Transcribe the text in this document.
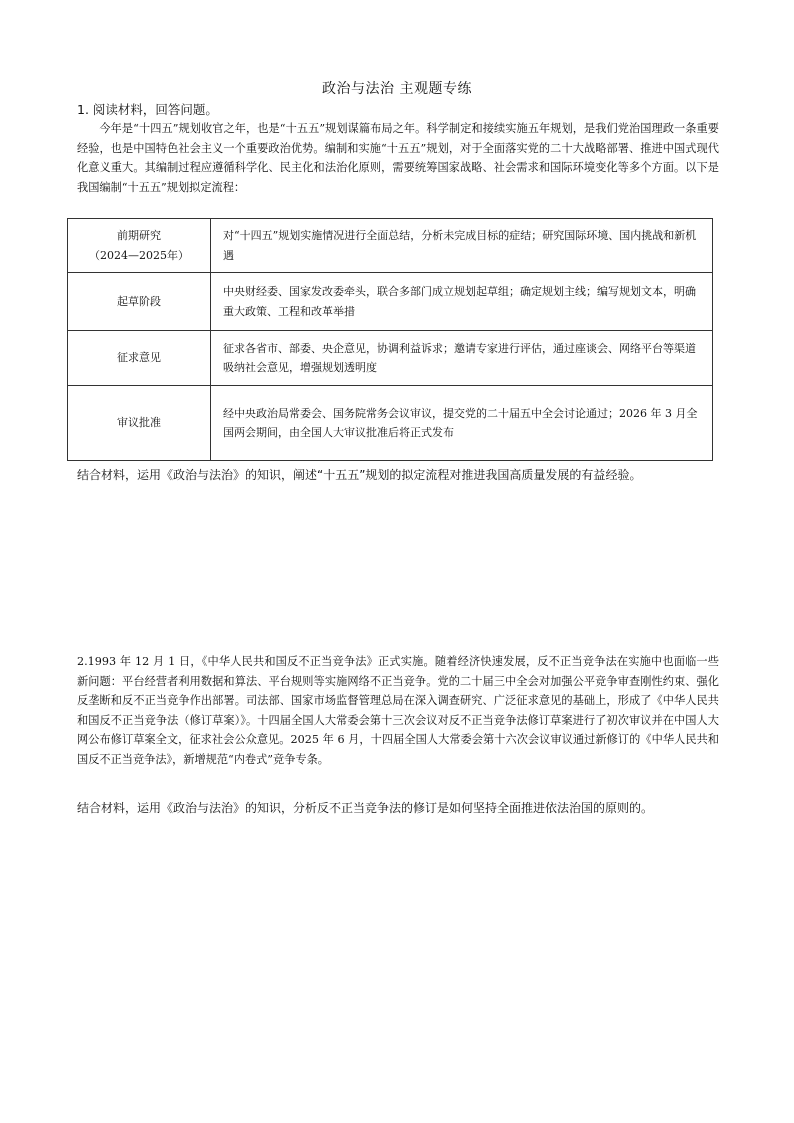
政治与法治 主观题专练
1. 阅读材料，回答问题。
今年是“十四五”规划收官之年，也是“十五五”规划谋篇布局之年。科学制定和接续实施五年规划，是我们党治国理政一条重要经验，也是中国特色社会主义一个重要政治优势。编制和实施“十五五”规划，对于全面落实党的二十大战略部署、推进中国式现代化意义重大。其编制过程应遵循科学化、民主化和法治化原则，需要统筹国家战略、社会需求和国际环境变化等多个方面。以下是我国编制“十五五”规划拟定流程：
前期研究
（2024—2025年）	对“十四五”规划实施情况进行全面总结，分析未完成目标的症结；研究国际环境、国内挑战和新机遇

起草阶段	中央财经委、国家发改委牵头，联合多部门成立规划起草组；确定规划主线；编写规划文本，明确重大政策、工程和改革举措

征求意见	征求各省市、部委、央企意见，协调利益诉求；邀请专家进行评估，通过座谈会、网络平台等渠道吸纳社会意见，增强规划透明度

审议批准	经中央政治局常委会、国务院常务会议审议，提交党的二十届五中全会讨论通过；2026 年 3 月全国两会期间，由全国人大审议批准后将正式发布
结合材料，运用《政治与法治》的知识，阐述“十五五”规划的拟定流程对推进我国高质量发展的有益经验。
2.1993 年 12 月 1 日，《中华人民共和国反不正当竞争法》正式实施。随着经济快速发展，反不正当竞争法在实施中也面临一些新问题：平台经营者利用数据和算法、平台规则等实施网络不正当竞争。党的二十届三中全会对加强公平竞争审查刚性约束、强化反垄断和反不正当竞争作出部署。司法部、国家市场监督管理总局在深入调查研究、广泛征求意见的基础上，形成了《中华人民共和国反不正当竞争法（修订草案）》。十四届全国人大常委会第十三次会议对反不正当竞争法修订草案进行了初次审议并在中国人大网公布修订草案全文，征求社会公众意见。2025 年 6 月，十四届全国人大常委会第十六次会议审议通过新修订的《中华人民共和国反不正当竞争法》，新增规范“内卷式”竞争专条。
结合材料，运用《政治与法治》的知识，分析反不正当竞争法的修订是如何坚持全面推进依法治国的原则的。
